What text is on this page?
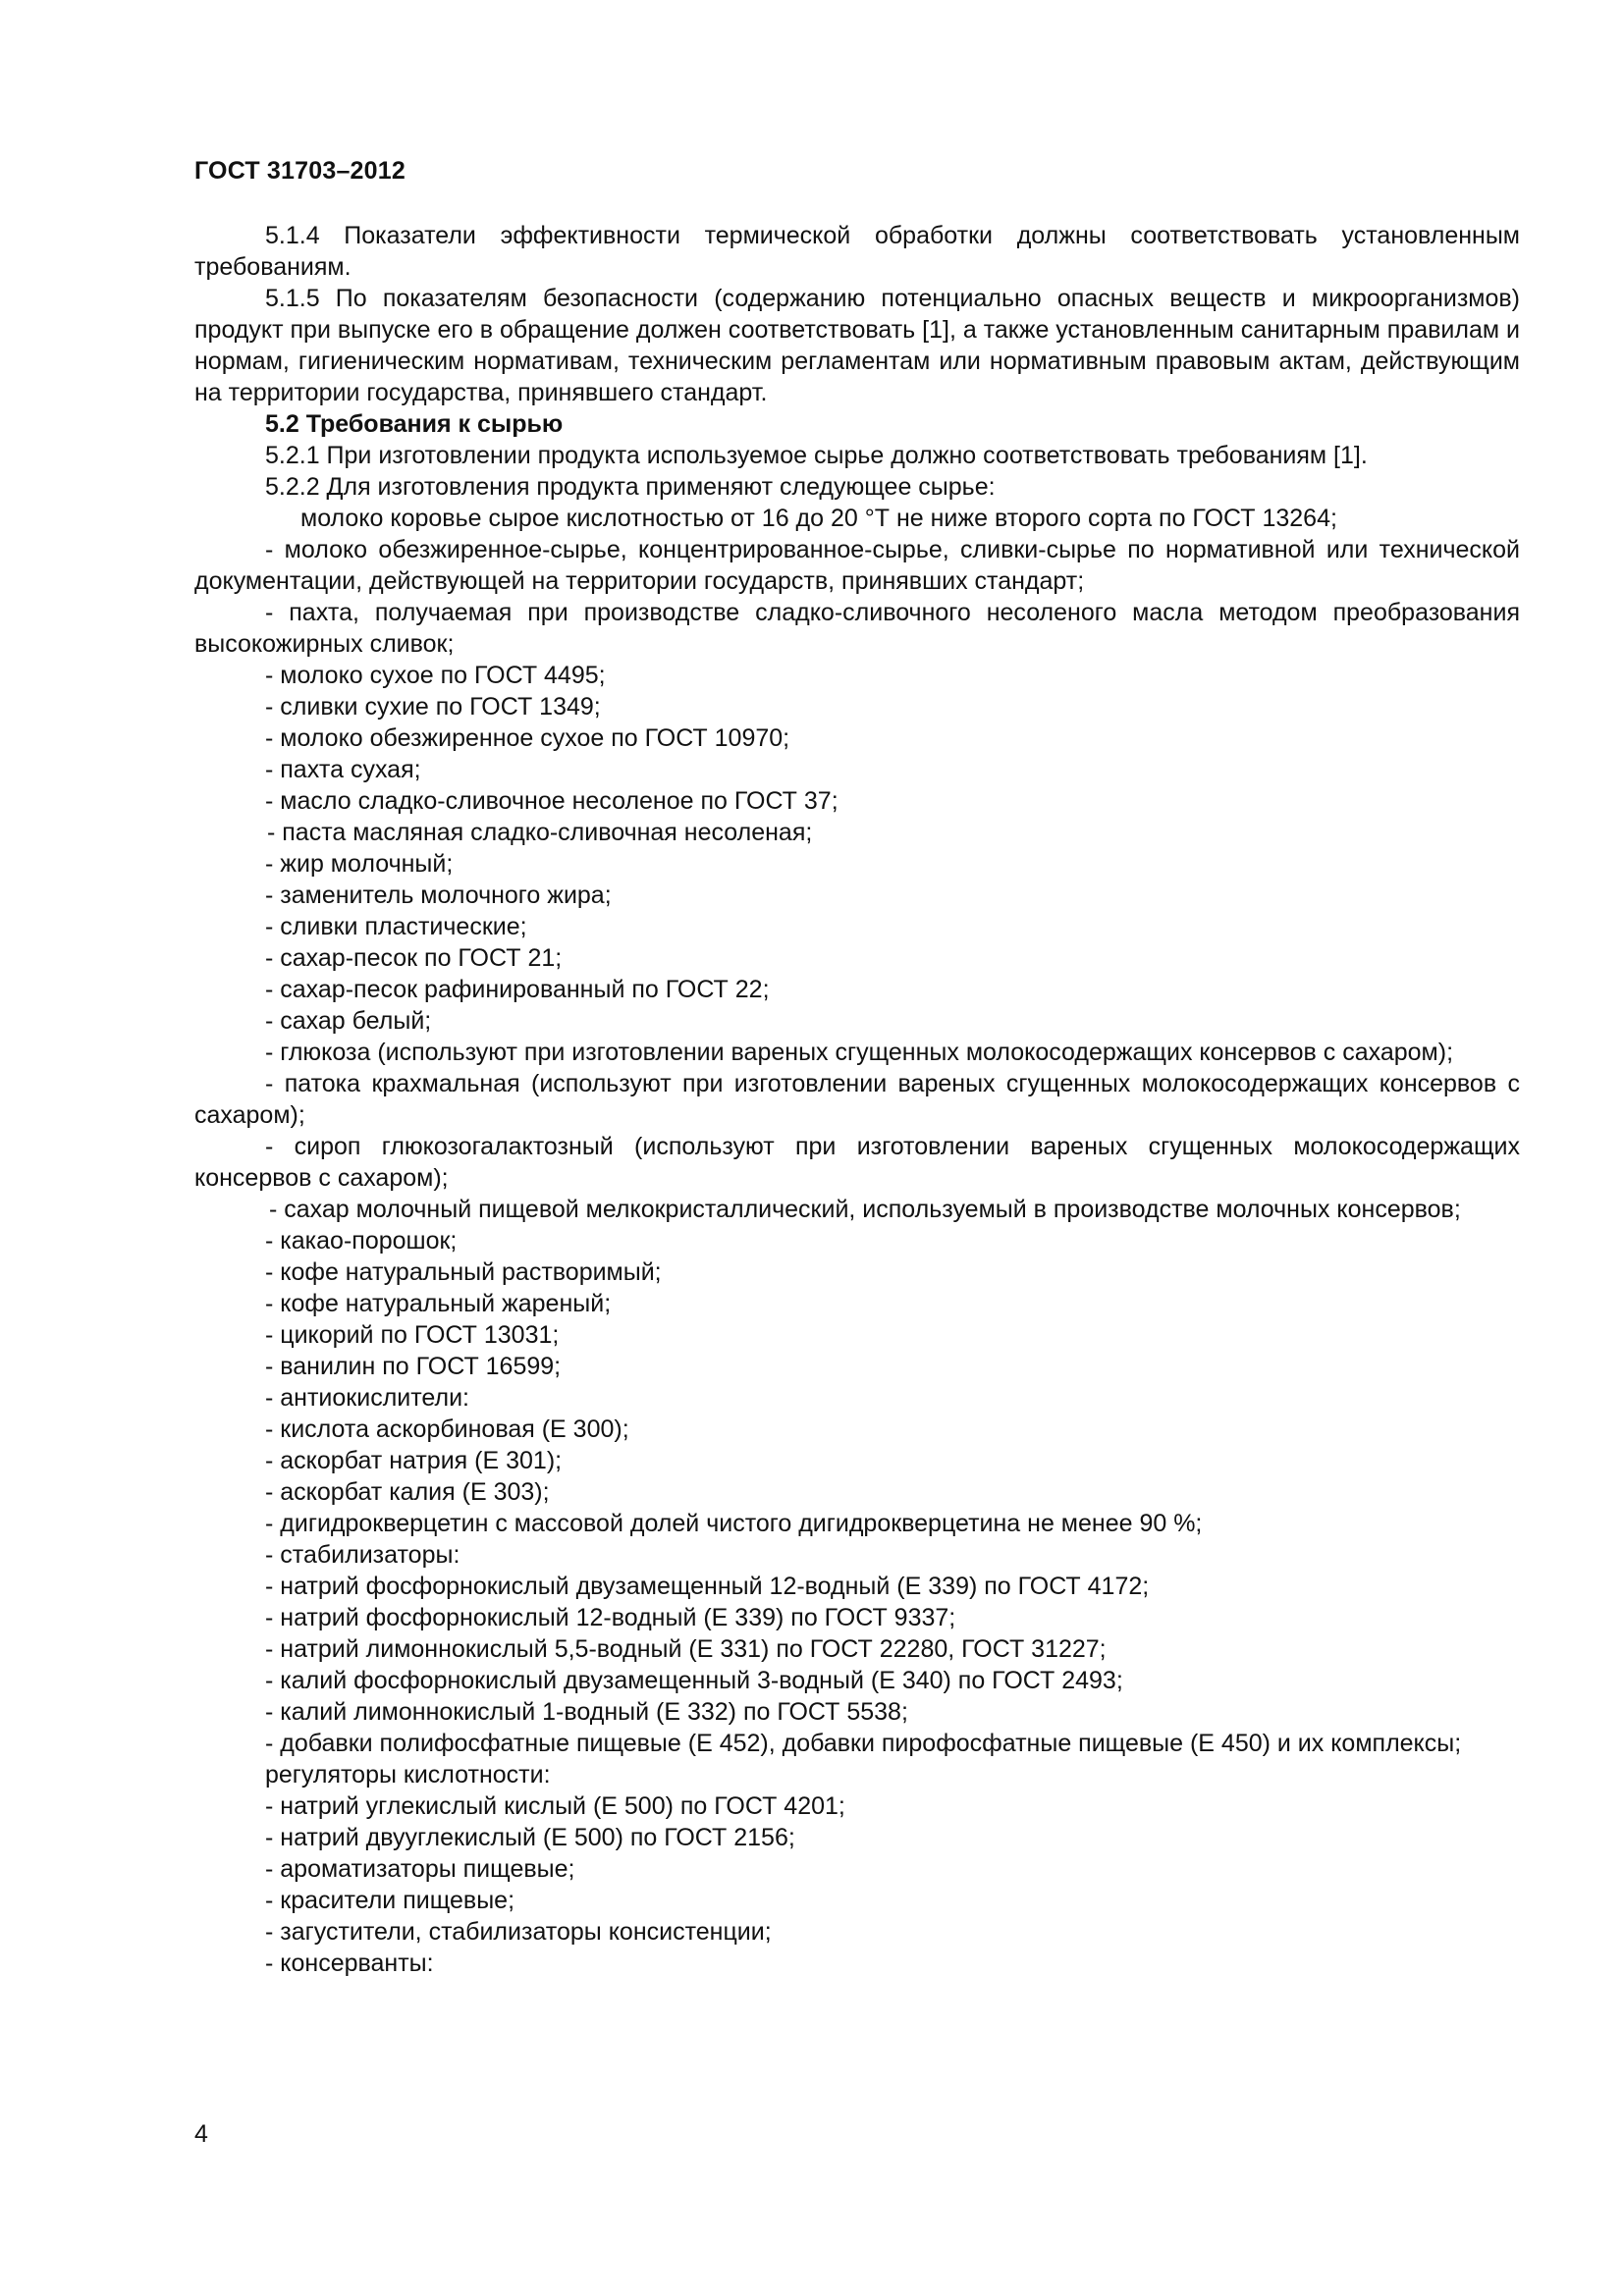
ГОСТ 31703–2012

5.1.4 Показатели эффективности термической обработки должны соответствовать установленным требованиям.

5.1.5 По показателям безопасности (содержанию потенциально опасных веществ и микроорганизмов) продукт при выпуске его в обращение должен соответствовать [1], а также установленным санитарным правилам и нормам, гигиеническим нормативам, техническим регламентам или нормативным правовым актам, действующим на территории государства, принявшего стандарт.

5.2 Требования к сырью

5.2.1 При изготовлении продукта используемое сырье должно соответствовать требованиям [1].

5.2.2 Для изготовления продукта применяют следующее сырье:

молоко коровье сырое кислотностью от 16 до 20 °Т не ниже второго сорта по ГОСТ 13264;

- молоко обезжиренное-сырье, концентрированное-сырье, сливки-сырье по нормативной или технической документации, действующей на территории государств, принявших стандарт;

- пахта, получаемая при производстве сладко-сливочного несоленого масла методом преобразования высокожирных сливок;

- молоко сухое по ГОСТ 4495;

- сливки сухие по ГОСТ 1349;

- молоко обезжиренное сухое по ГОСТ 10970;

- пахта сухая;

- масло сладко-сливочное несоленое по ГОСТ 37;

- паста масляная сладко-сливочная несоленая;

- жир молочный;

- заменитель молочного жира;

- сливки пластические;

- сахар-песок по ГОСТ 21;

- сахар-песок рафинированный по ГОСТ 22;

- сахар белый;

- глюкоза (используют при изготовлении вареных сгущенных молокосодержащих консервов с сахаром);

- патока крахмальная (используют при изготовлении вареных сгущенных молокосодержащих консервов с сахаром);

- сироп глюкозогалактозный (используют при изготовлении вареных сгущенных молокосодержащих консервов с сахаром);

- сахар молочный пищевой мелкокристаллический, используемый в производстве молочных консервов;

- какао-порошок;

- кофе натуральный растворимый;

- кофе натуральный жареный;

- цикорий по ГОСТ 13031;

- ванилин по ГОСТ 16599;

- антиокислители:

- кислота аскорбиновая (Е 300);

- аскорбат натрия (Е 301);

- аскорбат калия (Е 303);

- дигидрокверцетин с массовой долей чистого дигидрокверцетина не менее 90 %;

- стабилизаторы:

- натрий фосфорнокислый двузамещенный 12-водный (Е 339) по ГОСТ 4172;

- натрий фосфорнокислый 12-водный (Е 339) по ГОСТ 9337;

- натрий лимоннокислый 5,5-водный (Е 331) по ГОСТ 22280, ГОСТ 31227;

- калий фосфорнокислый двузамещенный 3-водный (Е 340) по ГОСТ 2493;

- калий лимоннокислый 1-водный (Е 332) по ГОСТ 5538;

- добавки полифосфатные пищевые (Е 452), добавки пирофосфатные пищевые (Е 450) и их комплексы;

регуляторы кислотности:

- натрий углекислый кислый (Е 500) по ГОСТ 4201;

- натрий двууглекислый (Е 500) по ГОСТ 2156;

- ароматизаторы пищевые;

- красители пищевые;

- загустители, стабилизаторы консистенции;

- консерванты:

4
